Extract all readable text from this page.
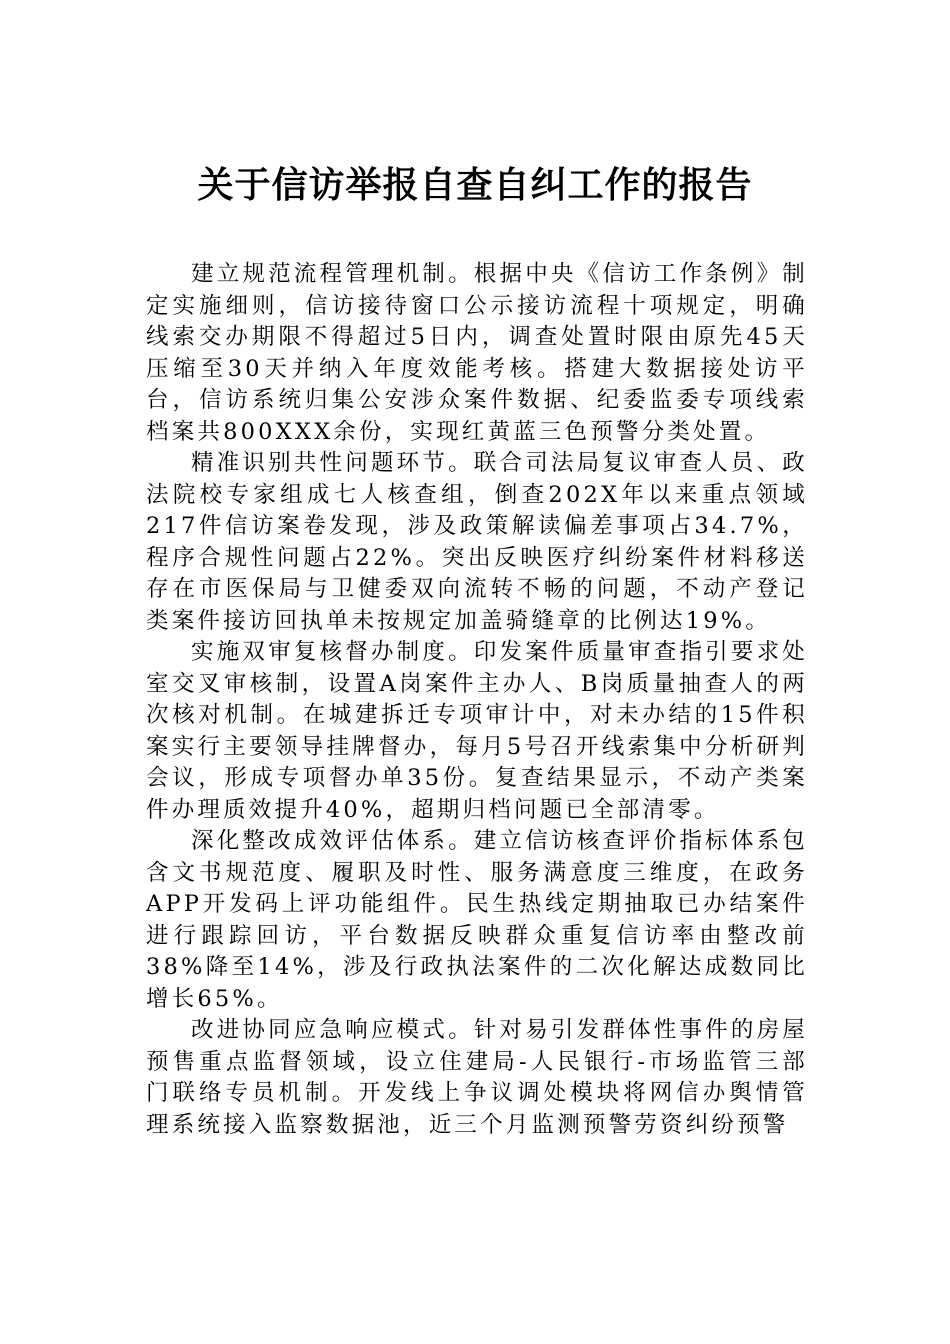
关于信访举报自查自纠工作的报告

建立规范流程管理机制。根据中央《信访工作条例》制定实施细则，信访接待窗口公示接访流程十项规定，明确线索交办期限不得超过5日内，调查处置时限由原先45天压缩至30天并纳入年度效能考核。搭建大数据接处访平台，信访系统归集公安涉众案件数据、纪委监委专项线索档案共800XXX余份，实现红黄蓝三色预警分类处置。

精准识别共性问题环节。联合司法局复议审查人员、政法院校专家组成七人核查组，倒查202X年以来重点领域217件信访案卷发现，涉及政策解读偏差事项占34.7%，程序合规性问题占22%。突出反映医疗纠纷案件材料移送存在市医保局与卫健委双向流转不畅的问题，不动产登记类案件接访回执单未按规定加盖骑缝章的比例达19%。

实施双审复核督办制度。印发案件质量审查指引要求处室交叉审核制，设置A岗案件主办人、B岗质量抽查人的两次核对机制。在城建拆迁专项审计中，对未办结的15件积案实行主要领导挂牌督办，每月5号召开线索集中分析研判会议，形成专项督办单35份。复查结果显示，不动产类案件办理质效提升40%，超期归档问题已全部清零。

深化整改成效评估体系。建立信访核查评价指标体系包含文书规范度、履职及时性、服务满意度三维度，在政务APP开发码上评功能组件。民生热线定期抽取已办结案件进行跟踪回访，平台数据反映群众重复信访率由整改前38%降至14%，涉及行政执法案件的二次化解达成数同比增长65%。

改进协同应急响应模式。针对易引发群体性事件的房屋预售重点监督领域，设立住建局-人民银行-市场监管三部门联络专员机制。开发线上争议调处模块将网信办舆情管理系统接入监察数据池，近三个月监测预警劳资纠纷预警
